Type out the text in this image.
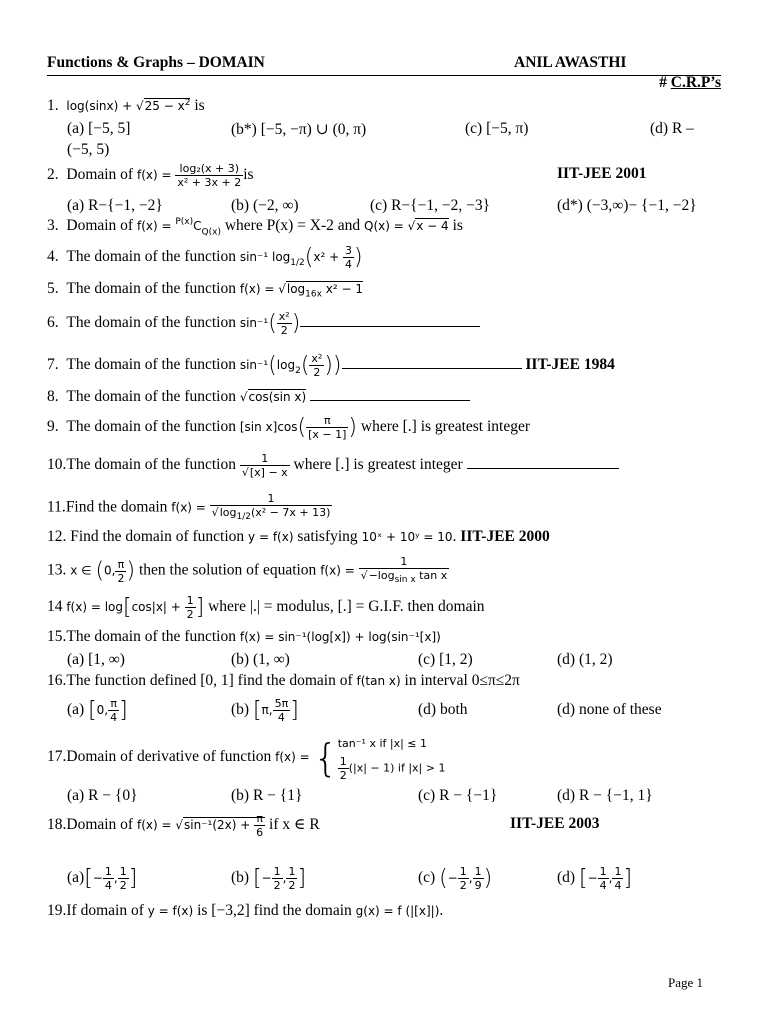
Functions & Graphs – DOMAIN	ANIL AWASTHI
# C.R.P’s
1. $\log(\sin x) + √25 - x^2$ is
(a) [−5, 5]	(b*) [−5, −π) ∪ (0, π)	(c) [−5, π)	(d) R –
(−5, 5)
2. Domain of $f(x) = \frac{\text{log₂(x + 3)}}{\text{x² + 3x + 2}}$ is	IIT-JEE 2001
(a) R−{−1, −2}	(b) (−2, ∞)	(c) R−{−1, −2, −3}	(d*) (−3,∞)− {−1, −2}
3. Domain of $f(x) = ^{P(x)}C_{Q(x)}$ where P(x) = X-2 and Q(x) = √x − 4 is
4. The domain of the function sin⁻¹ $\log_{1/2}(x^2 + \frac{3}{4}$ )
5. The domain of the function $f(x) = √\log_{16x}$ x² − 1
6. The domain of the function $\sin^{-1}( \frac{\text{x²}}{2}$ )
7. The domain of the function $\sin^{-1}(\log_2( \frac{\text{x²}}{2}$ ))	IIT-JEE 1984
8. The domain of the function √cos(sin x)
9. The domain of the function [sin $x]\cos( \frac{\pi}{[x - 1]}$ ) where [.] is greatest integer
10.The domain of the function $\frac{1}{√[x] - x}$ where [.] is greatest integer
11.Find the domain $f(x) = \frac{1}{√\log_{1/2}(x^2 - 7x + 13)}$
12. Find the domain of function y = f(x) satisfying 10ˣ + 10ʸ = 10. IIT-JEE 2000
13. x ∈ (0, $\frac{\pi}{2}$ ) then the solution of equation $f(x) = \frac{1}{√-\log_{sin x} \tan x}$
14 $f(x) = \log[\cos|x| + \frac{1}{2}$ ] where |.| = modulus, [.] = G.I.F. then domain
15.The domain of the function f(x) = sin⁻¹(log[x]) + log(sin⁻¹[x])
(a) [1, ∞)	(b) (1, ∞)	(c) [1, 2)	(d) (1, 2)
16.The function defined [0, 1] find the domain of f(tan x) in interval 0≤π≤2π
(a) [0, $\frac{\pi}{4}$ ]	(b) [π, $\frac{5\pi}{4}$ ]	(d) both	(d) none of these
17.Domain of derivative of function f(x) = { tan⁻¹ x if |x| ≤ 1
$\frac{1}{2} (|x| - 1)$ if |x| > 1
(a) R − {0}	(b) R − {1}	(c) R − {−1}	(d) R − {−1, 1}
18.Domain of $f(x) = √\sin^{-1}(2x) + \frac{\pi}{6}$ if x ∈ R	IIT-JEE 2003
$(a)[- \frac{1}{4}$ , $\frac{1}{2}$ ]	(b) [− $\frac{1}{2}$ , $\frac{1}{2}$ ]	(c) (− $\frac{1}{2}$ , $\frac{1}{9}$ )	(d) [− $\frac{1}{4}$ , $\frac{1}{4}$ ]
19.If domain of y = f(x) is [−3,2] find the domain g(x) = f (|[x]|).
Page 1
